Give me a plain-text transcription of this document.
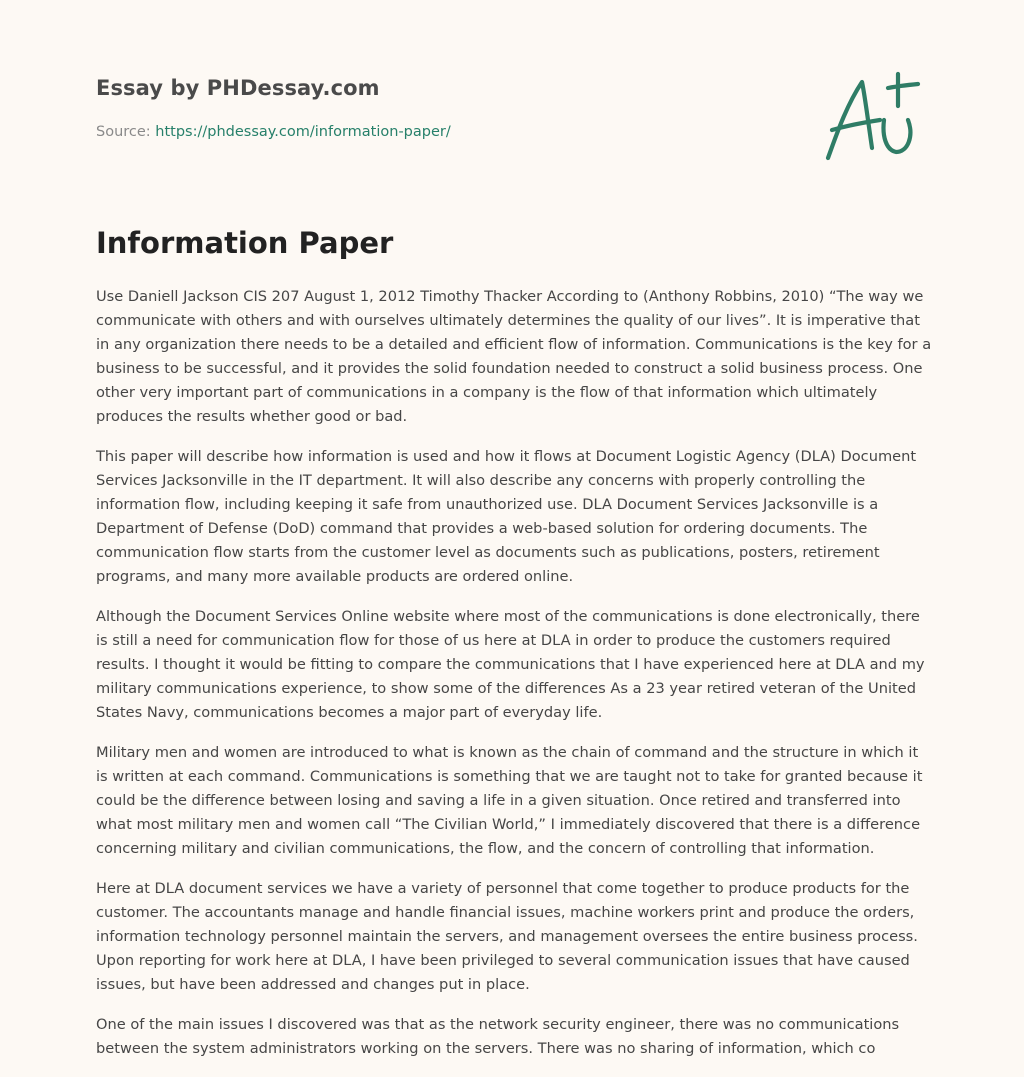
Essay by PHDessay.com
Source: https://phdessay.com/information-paper/
Information Paper

Use Daniell Jackson CIS 207 August 1, 2012 Timothy Thacker According to (Anthony Robbins, 2010) “The way we communicate with others and with ourselves ultimately determines the quality of our lives”. It is imperative that in any organization there needs to be a detailed and efficient flow of information. Communications is the key for a business to be successful, and it provides the solid foundation needed to construct a solid business process. One other very important part of communications in a company is the flow of that information which ultimately produces the results whether good or bad.

This paper will describe how information is used and how it flows at Document Logistic Agency (DLA) Document Services Jacksonville in the IT department. It will also describe any concerns with properly controlling the information flow, including keeping it safe from unauthorized use. DLA Document Services Jacksonville is a Department of Defense (DoD) command that provides a web-based solution for ordering documents. The communication flow starts from the customer level as documents such as publications, posters, retirement programs, and many more available products are ordered online.

Although the Document Services Online website where most of the communications is done electronically, there is still a need for communication flow for those of us here at DLA in order to produce the customers required results. I thought it would be fitting to compare the communications that I have experienced here at DLA and my military communications experience, to show some of the differences As a 23 year retired veteran of the United States Navy, communications becomes a major part of everyday life.

Military men and women are introduced to what is known as the chain of command and the structure in which it is written at each command. Communications is something that we are taught not to take for granted because it could be the difference between losing and saving a life in a given situation. Once retired and transferred into what most military men and women call “The Civilian World,” I immediately discovered that there is a difference concerning military and civilian communications, the flow, and the concern of controlling that information.

Here at DLA document services we have a variety of personnel that come together to produce products for the customer. The accountants manage and handle financial issues, machine workers print and produce the orders, information technology personnel maintain the servers, and management oversees the entire business process. Upon reporting for work here at DLA, I have been privileged to several communication issues that have caused issues, but have been addressed and changes put in place.

One of the main issues I discovered was that as the network security engineer, there was no communications between the system administrators working on the servers. There was no sharing of information, which co
